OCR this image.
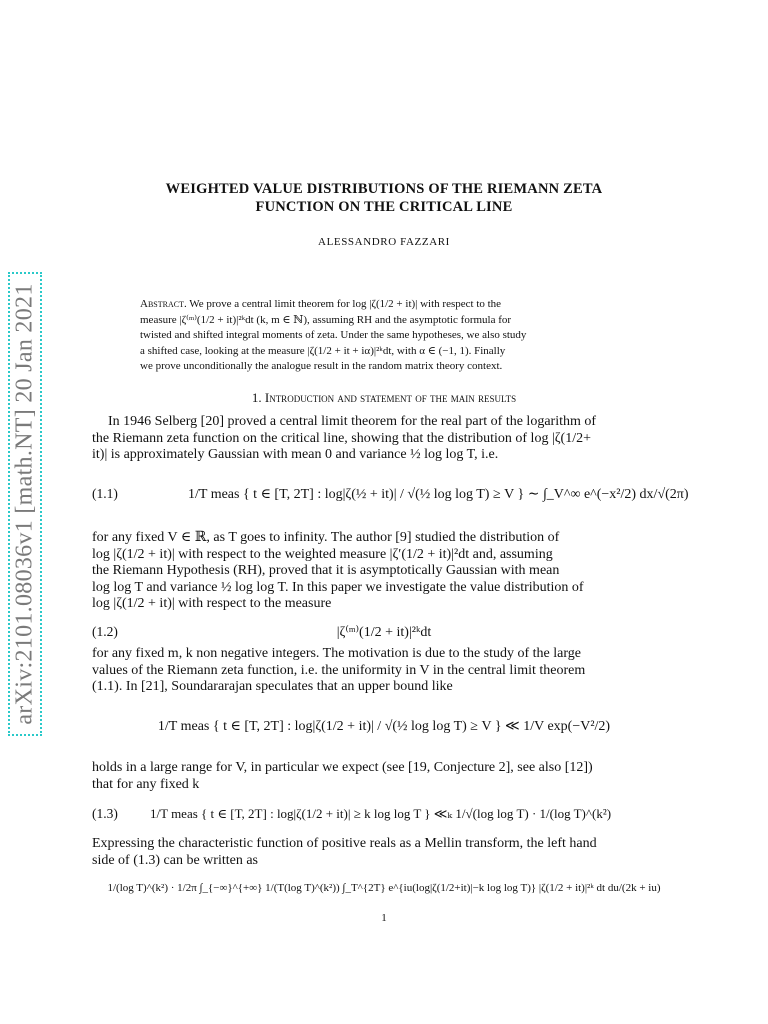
arXiv:2101.08036v1 [math.NT] 20 Jan 2021
WEIGHTED VALUE DISTRIBUTIONS OF THE RIEMANN ZETA
FUNCTION ON THE CRITICAL LINE
ALESSANDRO FAZZARI
Abstract. We prove a central limit theorem for log |ζ(1/2 + it)| with respect to the
measure |ζ⁽ᵐ⁾(1/2 + it)|²ᵏdt (k, m ∈ ℕ), assuming RH and the asymptotic formula for
twisted and shifted integral moments of zeta. Under the same hypotheses, we also study
a shifted case, looking at the measure |ζ(1/2 + it + iα)|²ᵏdt, with α ∈ (−1, 1). Finally
we prove unconditionally the analogue result in the random matrix theory context.
1. Introduction and statement of the main results
In 1946 Selberg [20] proved a central limit theorem for the real part of the logarithm of
the Riemann zeta function on the critical line, showing that the distribution of log |ζ(1/2+
it)| is approximately Gaussian with mean 0 and variance ½ log log T, i.e.
(1.1)	1/T meas { t ∈ [T, 2T] : log|ζ(½ + it)| / √(½ log log T) ≥ V } ∼ ∫_V^∞ e^(−x²/2) dx/√(2π)
for any fixed V ∈ ℝ, as T goes to infinity. The author [9] studied the distribution of
log |ζ(1/2 + it)| with respect to the weighted measure |ζ′(1/2 + it)|²dt and, assuming
the Riemann Hypothesis (RH), proved that it is asymptotically Gaussian with mean
log log T and variance ½ log log T. In this paper we investigate the value distribution of
log |ζ(1/2 + it)| with respect to the measure
(1.2)	|ζ⁽ᵐ⁾(1/2 + it)|²ᵏdt
for any fixed m, k non negative integers. The motivation is due to the study of the large
values of the Riemann zeta function, i.e. the uniformity in V in the central limit theorem
(1.1). In [21], Soundararajan speculates that an upper bound like
1/T meas { t ∈ [T, 2T] : log|ζ(1/2 + it)| / √(½ log log T) ≥ V } ≪ 1/V exp(−V²/2)
holds in a large range for V, in particular we expect (see [19, Conjecture 2], see also [12])
that for any fixed k
(1.3) 1/T meas { t ∈ [T, 2T] : log|ζ(1/2 + it)| ≥ k log log T } ≪ₖ 1/√(log log T) · 1/(log T)^(k²)
Expressing the characteristic function of positive reals as a Mellin transform, the left hand
side of (1.3) can be written as
1/(log T)^(k²) · 1/2π ∫_{−∞}^{+∞} 1/(T(log T)^(k²)) ∫_T^{2T} e^{iu(log|ζ(1/2+it)|−k log log T)} |ζ(1/2 + it)|²ᵏ dt du/(2k + iu)
1
